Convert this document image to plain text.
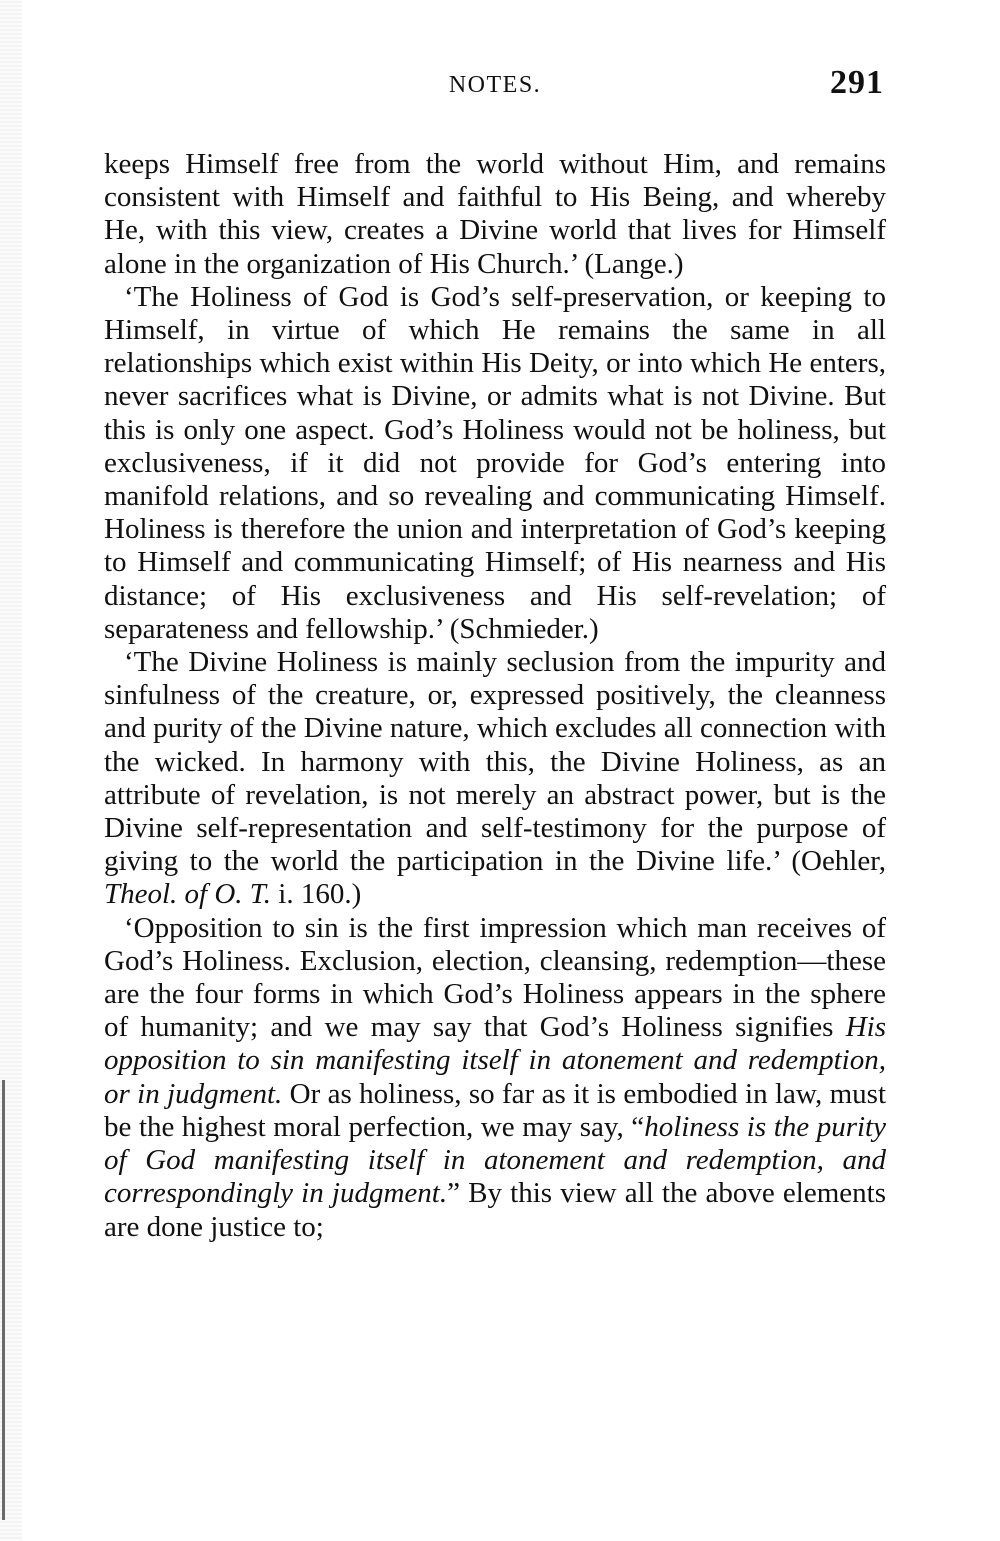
NOTES.	291

keeps Himself free from the world without Him, and remains consistent with Himself and faithful to His Being, and whereby He, with this view, creates a Divine world that lives for Himself alone in the organization of His Church.’ (Lange.)

‘The Holiness of God is God’s self-preservation, or keeping to Himself, in virtue of which He remains the same in all relationships which exist within His Deity, or into which He enters, never sacrifices what is Divine, or admits what is not Divine. But this is only one aspect. God’s Holiness would not be holiness, but exclusiveness, if it did not provide for God’s entering into manifold relations, and so revealing and communicating Himself. Holiness is therefore the union and interpretation of God’s keeping to Himself and communicating Himself; of His nearness and His distance; of His exclusiveness and His self-revelation; of separateness and fellowship.’ (Schmieder.)

‘The Divine Holiness is mainly seclusion from the impurity and sinfulness of the creature, or, expressed positively, the cleanness and purity of the Divine nature, which excludes all connection with the wicked. In harmony with this, the Divine Holiness, as an attribute of revelation, is not merely an abstract power, but is the Divine self-representation and self-testimony for the purpose of giving to the world the participation in the Divine life.’ (Oehler, Theol. of O. T. i. 160.)

‘Opposition to sin is the first impression which man receives of God’s Holiness. Exclusion, election, cleansing, redemption—these are the four forms in which God’s Holiness appears in the sphere of humanity; and we may say that God’s Holiness signifies His opposition to sin manifesting itself in atonement and redemption, or in judgment. Or as holiness, so far as it is embodied in law, must be the highest moral perfection, we may say, “holiness is the purity of God manifesting itself in atonement and redemption, and correspondingly in judgment.” By this view all the above elements are done justice to;
